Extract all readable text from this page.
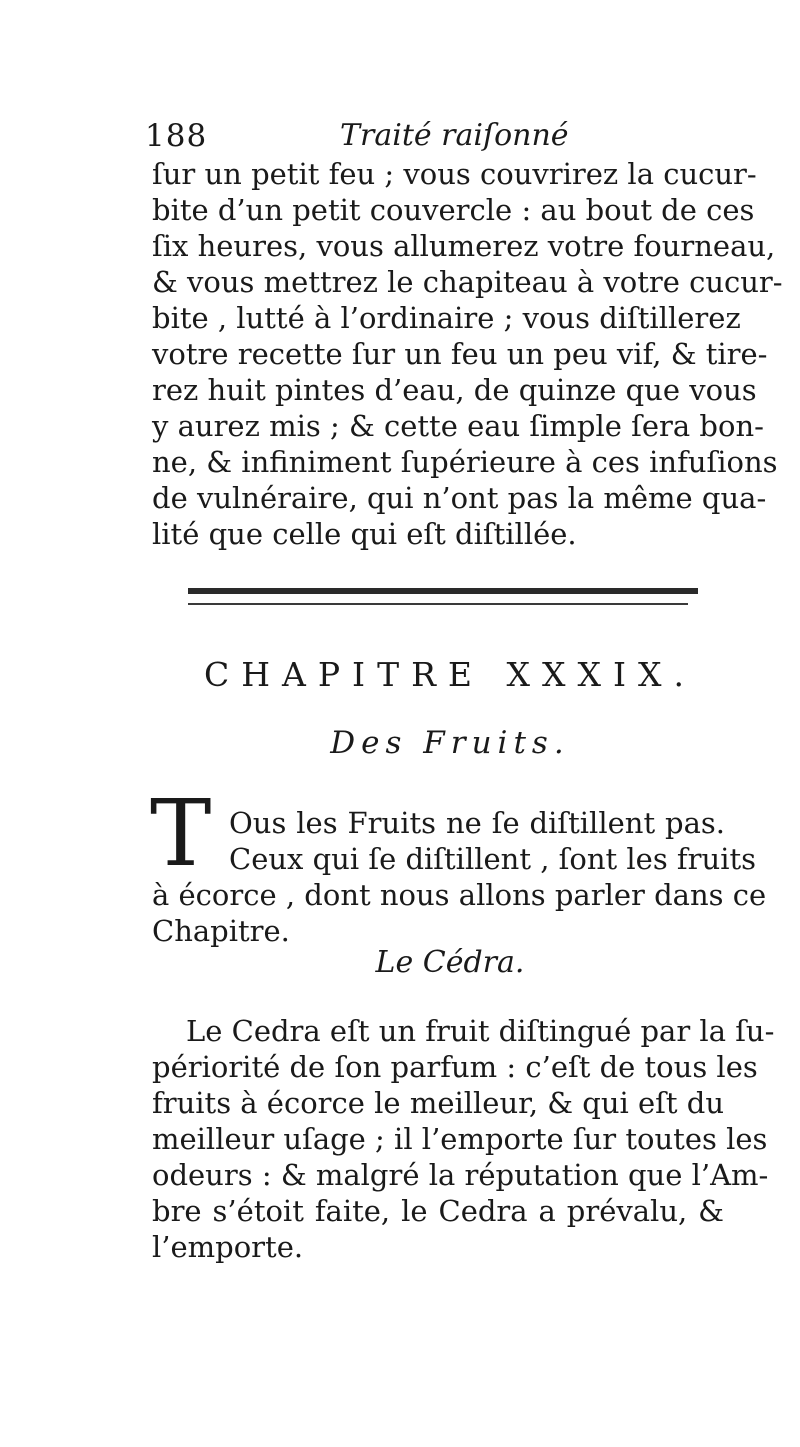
188	Traité raiſonné
ſur un petit feu ; vous couvrirez la cucur-
bite d’un petit couvercle : au bout de ces
ſix heures, vous allumerez votre fourneau,
& vous mettrez le chapiteau à votre cucur-
bite , lutté à l’ordinaire ; vous diſtillerez
votre recette ſur un feu un peu vif, & tire-
rez huit pintes d’eau, de quinze que vous
y aurez mis ; & cette eau ſimple ſera bon-
ne, & infiniment ſupérieure à ces infuſions
de vulnéraire, qui n’ont pas la même qua-
lité que celle qui eſt diſtillée.
CHAPITRE XXXIX.
Des Fruits.
T Ous les Fruits ne ſe diſtillent pas.
Ceux qui ſe diſtillent , ſont les fruits
à écorce , dont nous allons parler dans ce
Chapitre.
Le Cédra.
Le Cedra eſt un fruit diſtingué par la ſu-
périorité de ſon parfum : c’eſt de tous les
fruits à écorce le meilleur, & qui eſt du
meilleur uſage ; il l’emporte ſur toutes les
odeurs : & malgré la réputation que l’Am-
bre s’étoit faite, le Cedra a prévalu, &
l’emporte.
